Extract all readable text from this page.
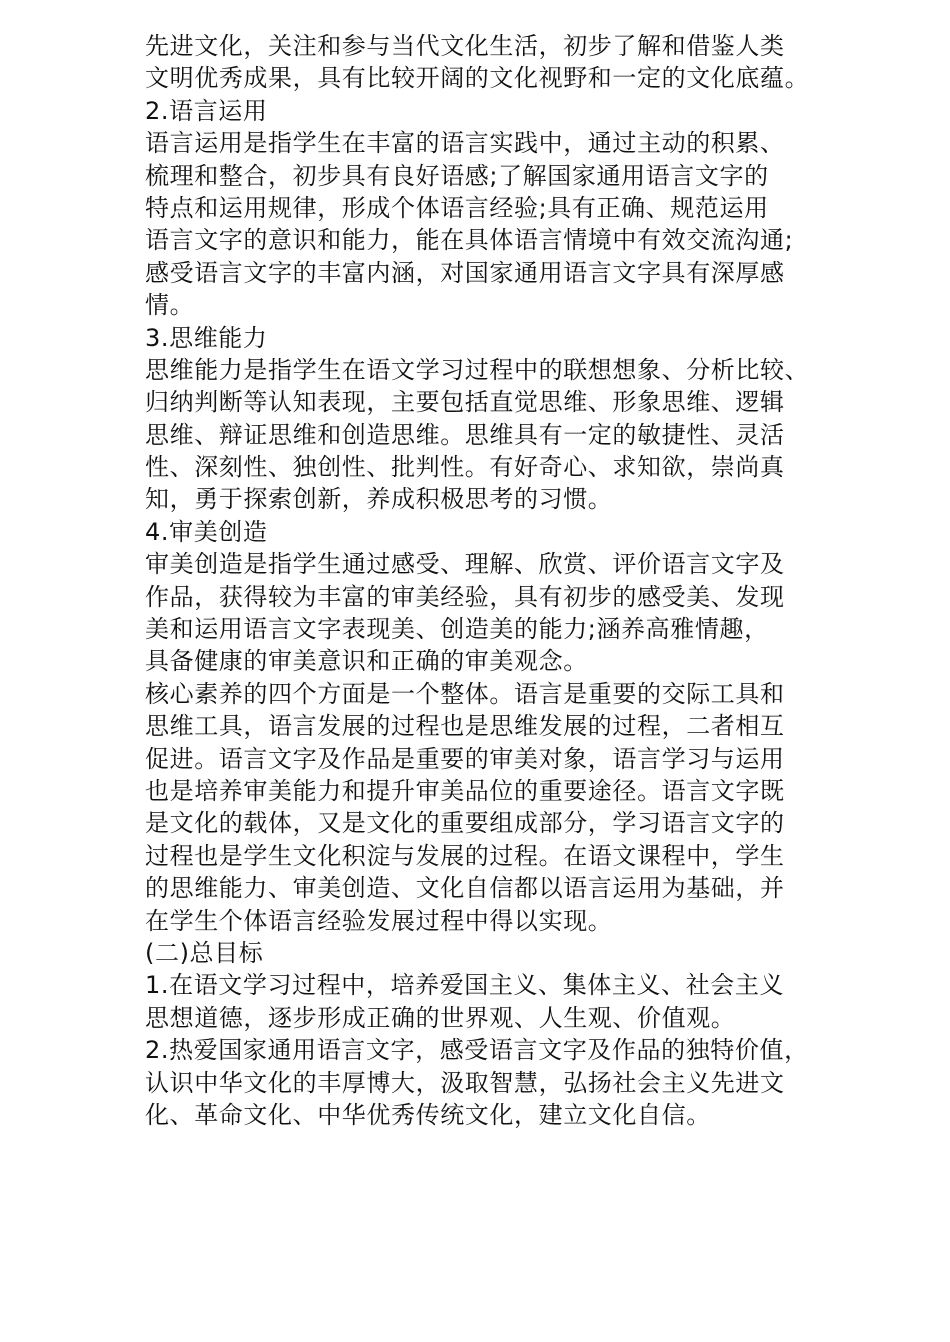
先进文化，关注和参与当代文化生活，初步了解和借鉴人类
文明优秀成果，具有比较开阔的文化视野和一定的文化底蕴。
2.语言运用
语言运用是指学生在丰富的语言实践中，通过主动的积累、
梳理和整合，初步具有良好语感;了解国家通用语言文字的
特点和运用规律，形成个体语言经验;具有正确、规范运用
语言文字的意识和能力，能在具体语言情境中有效交流沟通;
感受语言文字的丰富内涵，对国家通用语言文字具有深厚感
情。
3.思维能力
思维能力是指学生在语文学习过程中的联想想象、分析比较、
归纳判断等认知表现，主要包括直觉思维、形象思维、逻辑
思维、辩证思维和创造思维。思维具有一定的敏捷性、灵活
性、深刻性、独创性、批判性。有好奇心、求知欲，崇尚真
知，勇于探索创新，养成积极思考的习惯。
4.审美创造
审美创造是指学生通过感受、理解、欣赏、评价语言文字及
作品，获得较为丰富的审美经验，具有初步的感受美、发现
美和运用语言文字表现美、创造美的能力;涵养高雅情趣，
具备健康的审美意识和正确的审美观念。
核心素养的四个方面是一个整体。语言是重要的交际工具和
思维工具，语言发展的过程也是思维发展的过程，二者相互
促进。语言文字及作品是重要的审美对象，语言学习与运用
也是培养审美能力和提升审美品位的重要途径。语言文字既
是文化的载体，又是文化的重要组成部分，学习语言文字的
过程也是学生文化积淀与发展的过程。在语文课程中，学生
的思维能力、审美创造、文化自信都以语言运用为基础，并
在学生个体语言经验发展过程中得以实现。
(二)总目标
1.在语文学习过程中，培养爱国主义、集体主义、社会主义
思想道德，逐步形成正确的世界观、人生观、价值观。
2.热爱国家通用语言文字，感受语言文字及作品的独特价值，
认识中华文化的丰厚博大，汲取智慧，弘扬社会主义先进文
化、革命文化、中华优秀传统文化，建立文化自信。
